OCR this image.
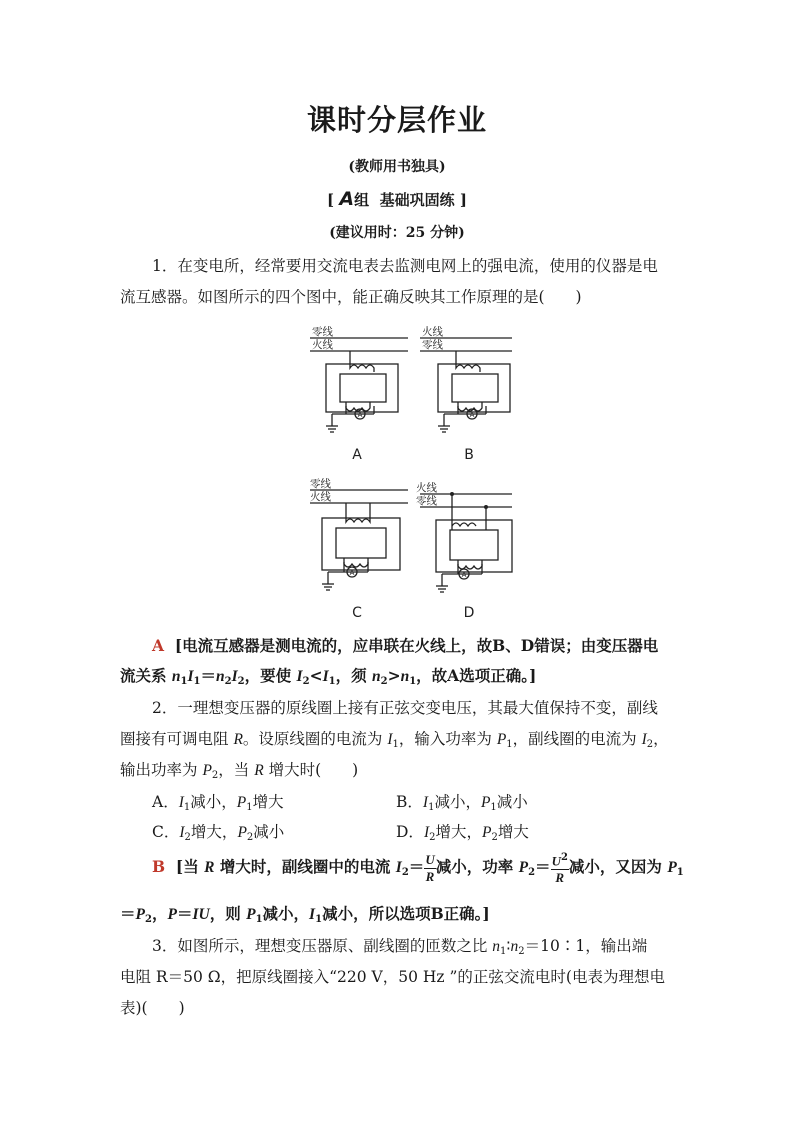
课时分层作业
(教师用书独具)
[ A组 基础巩固练 ]
(建议用时：25 分钟)
1．在变电所，经常要用交流电表去监测电网上的强电流，使用的仪器是电
流互感器。如图所示的四个图中，能正确反映其工作原理的是(　　)
零线
火线
火线
零线
零线
火线
火线
零线
A	A
A	A
A	B
C	D
A [电流互感器是测电流的，应串联在火线上，故B、D错误；由变压器电
流关系 $n_1I_1=n_2I_2$，要使 $I_2<I_1$，须 $n_2>n_1$，故A选项正确。]
2．一理想变压器的原线圈上接有正弦交变电压，其最大值保持不变，副线
圈接有可调电阻 R。设原线圈的电流为 $I_1$，输入功率为 $P_1$，副线圈的电流为 $I_2$，
输出功率为 $P_2$，当 R 增大时(　　)
A．$I_1$减小，$P_1$增大	B．$I_1$减小，$P_1$减小
C．$I_2$增大，$P_2$减小	D．$I_2$增大，$P_2$增大
B [当 R 增大时，副线圈中的电流 $I_2= \frac{U}{R}$ 减小，功率 $P_2= \frac{U^2}{R}$ 减小，又因为 $P_1$
$=P_2$，P＝IU，则 $P_1$减小，$I_1$减小，所以选项B正确。]
3．如图所示，理想变压器原、副线圈的匝数之比 $n_1∶n_2=10∶1$，输出端
电阻 R＝50 Ω，把原线圈接入“220 V，50 Hz ”的正弦交流电时(电表为理想电
表)(　　)
